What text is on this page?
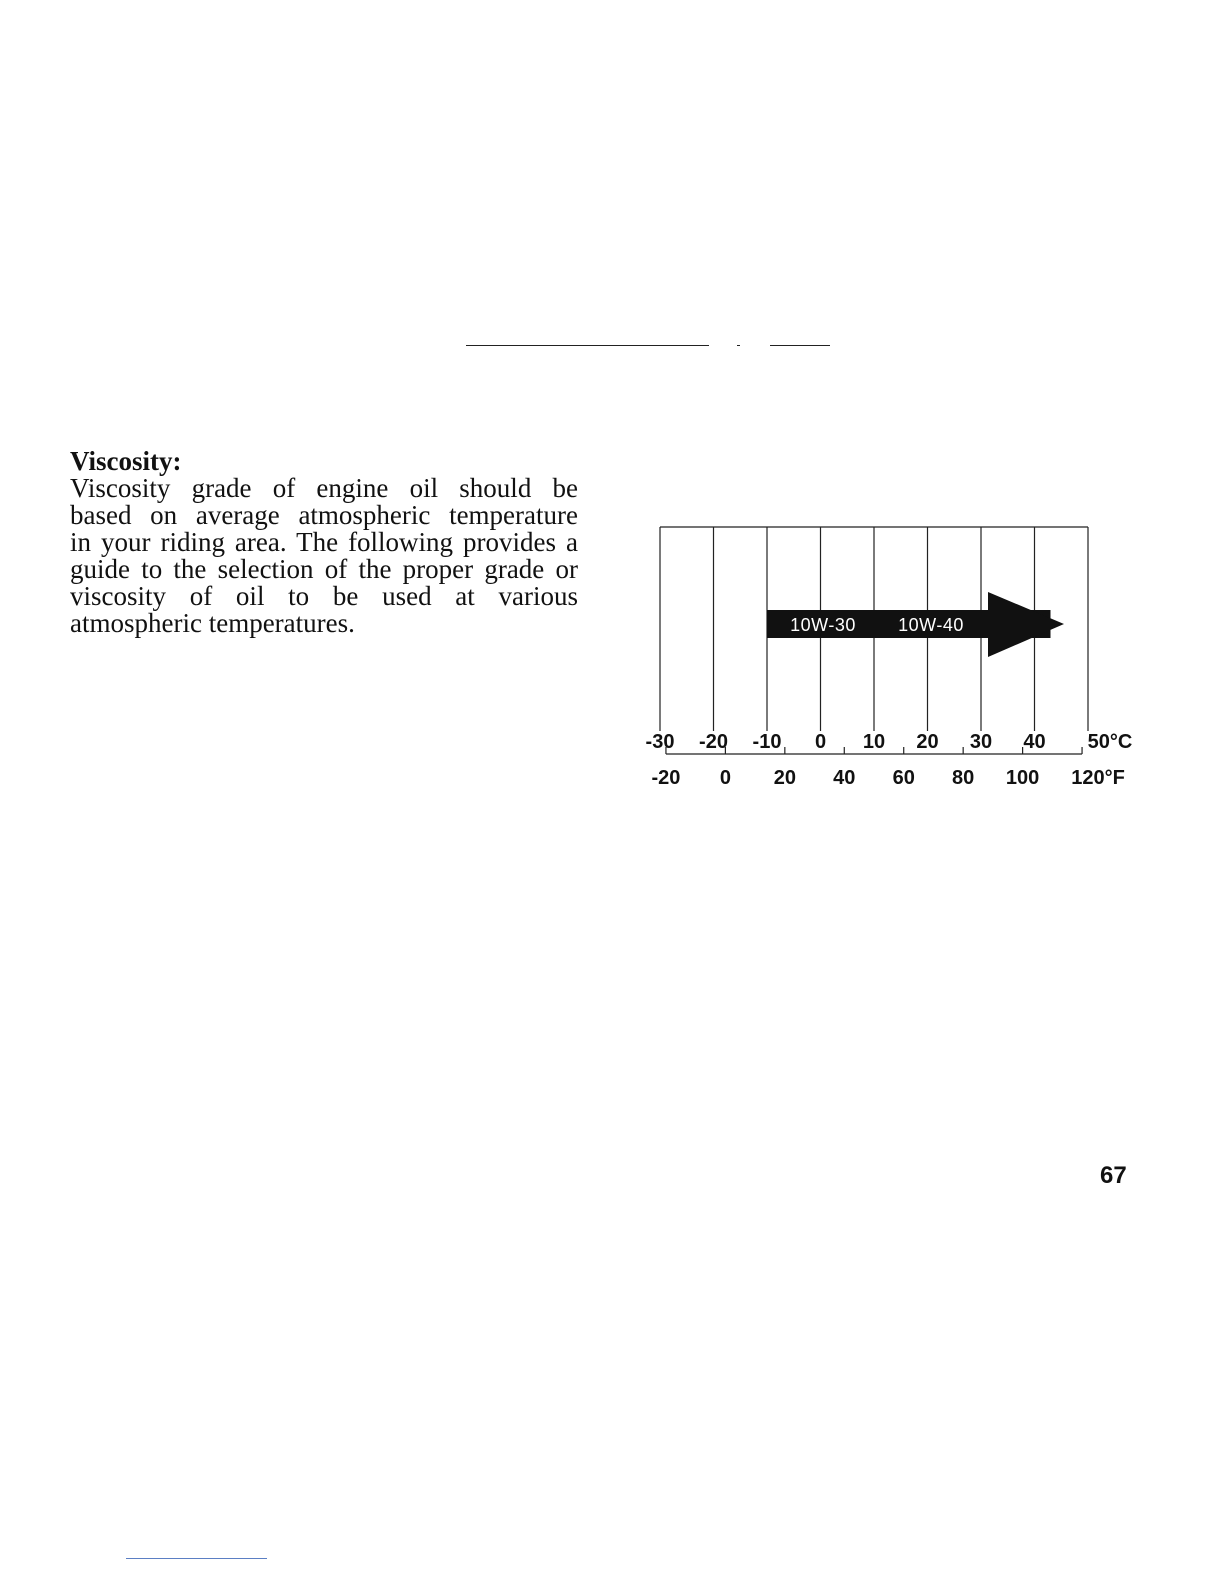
Viscosity:

Viscosity grade of engine oil should be
based on average atmospheric temperature
in your riding area. The following provides a
guide to the selection of the proper grade or
viscosity of oil to be used at various
atmospheric temperatures.	10W-30 10W-40
-30 -20 -10 0 10 20 30 40 50°C
-20 0 20 40 60 80 100 120°F
67
